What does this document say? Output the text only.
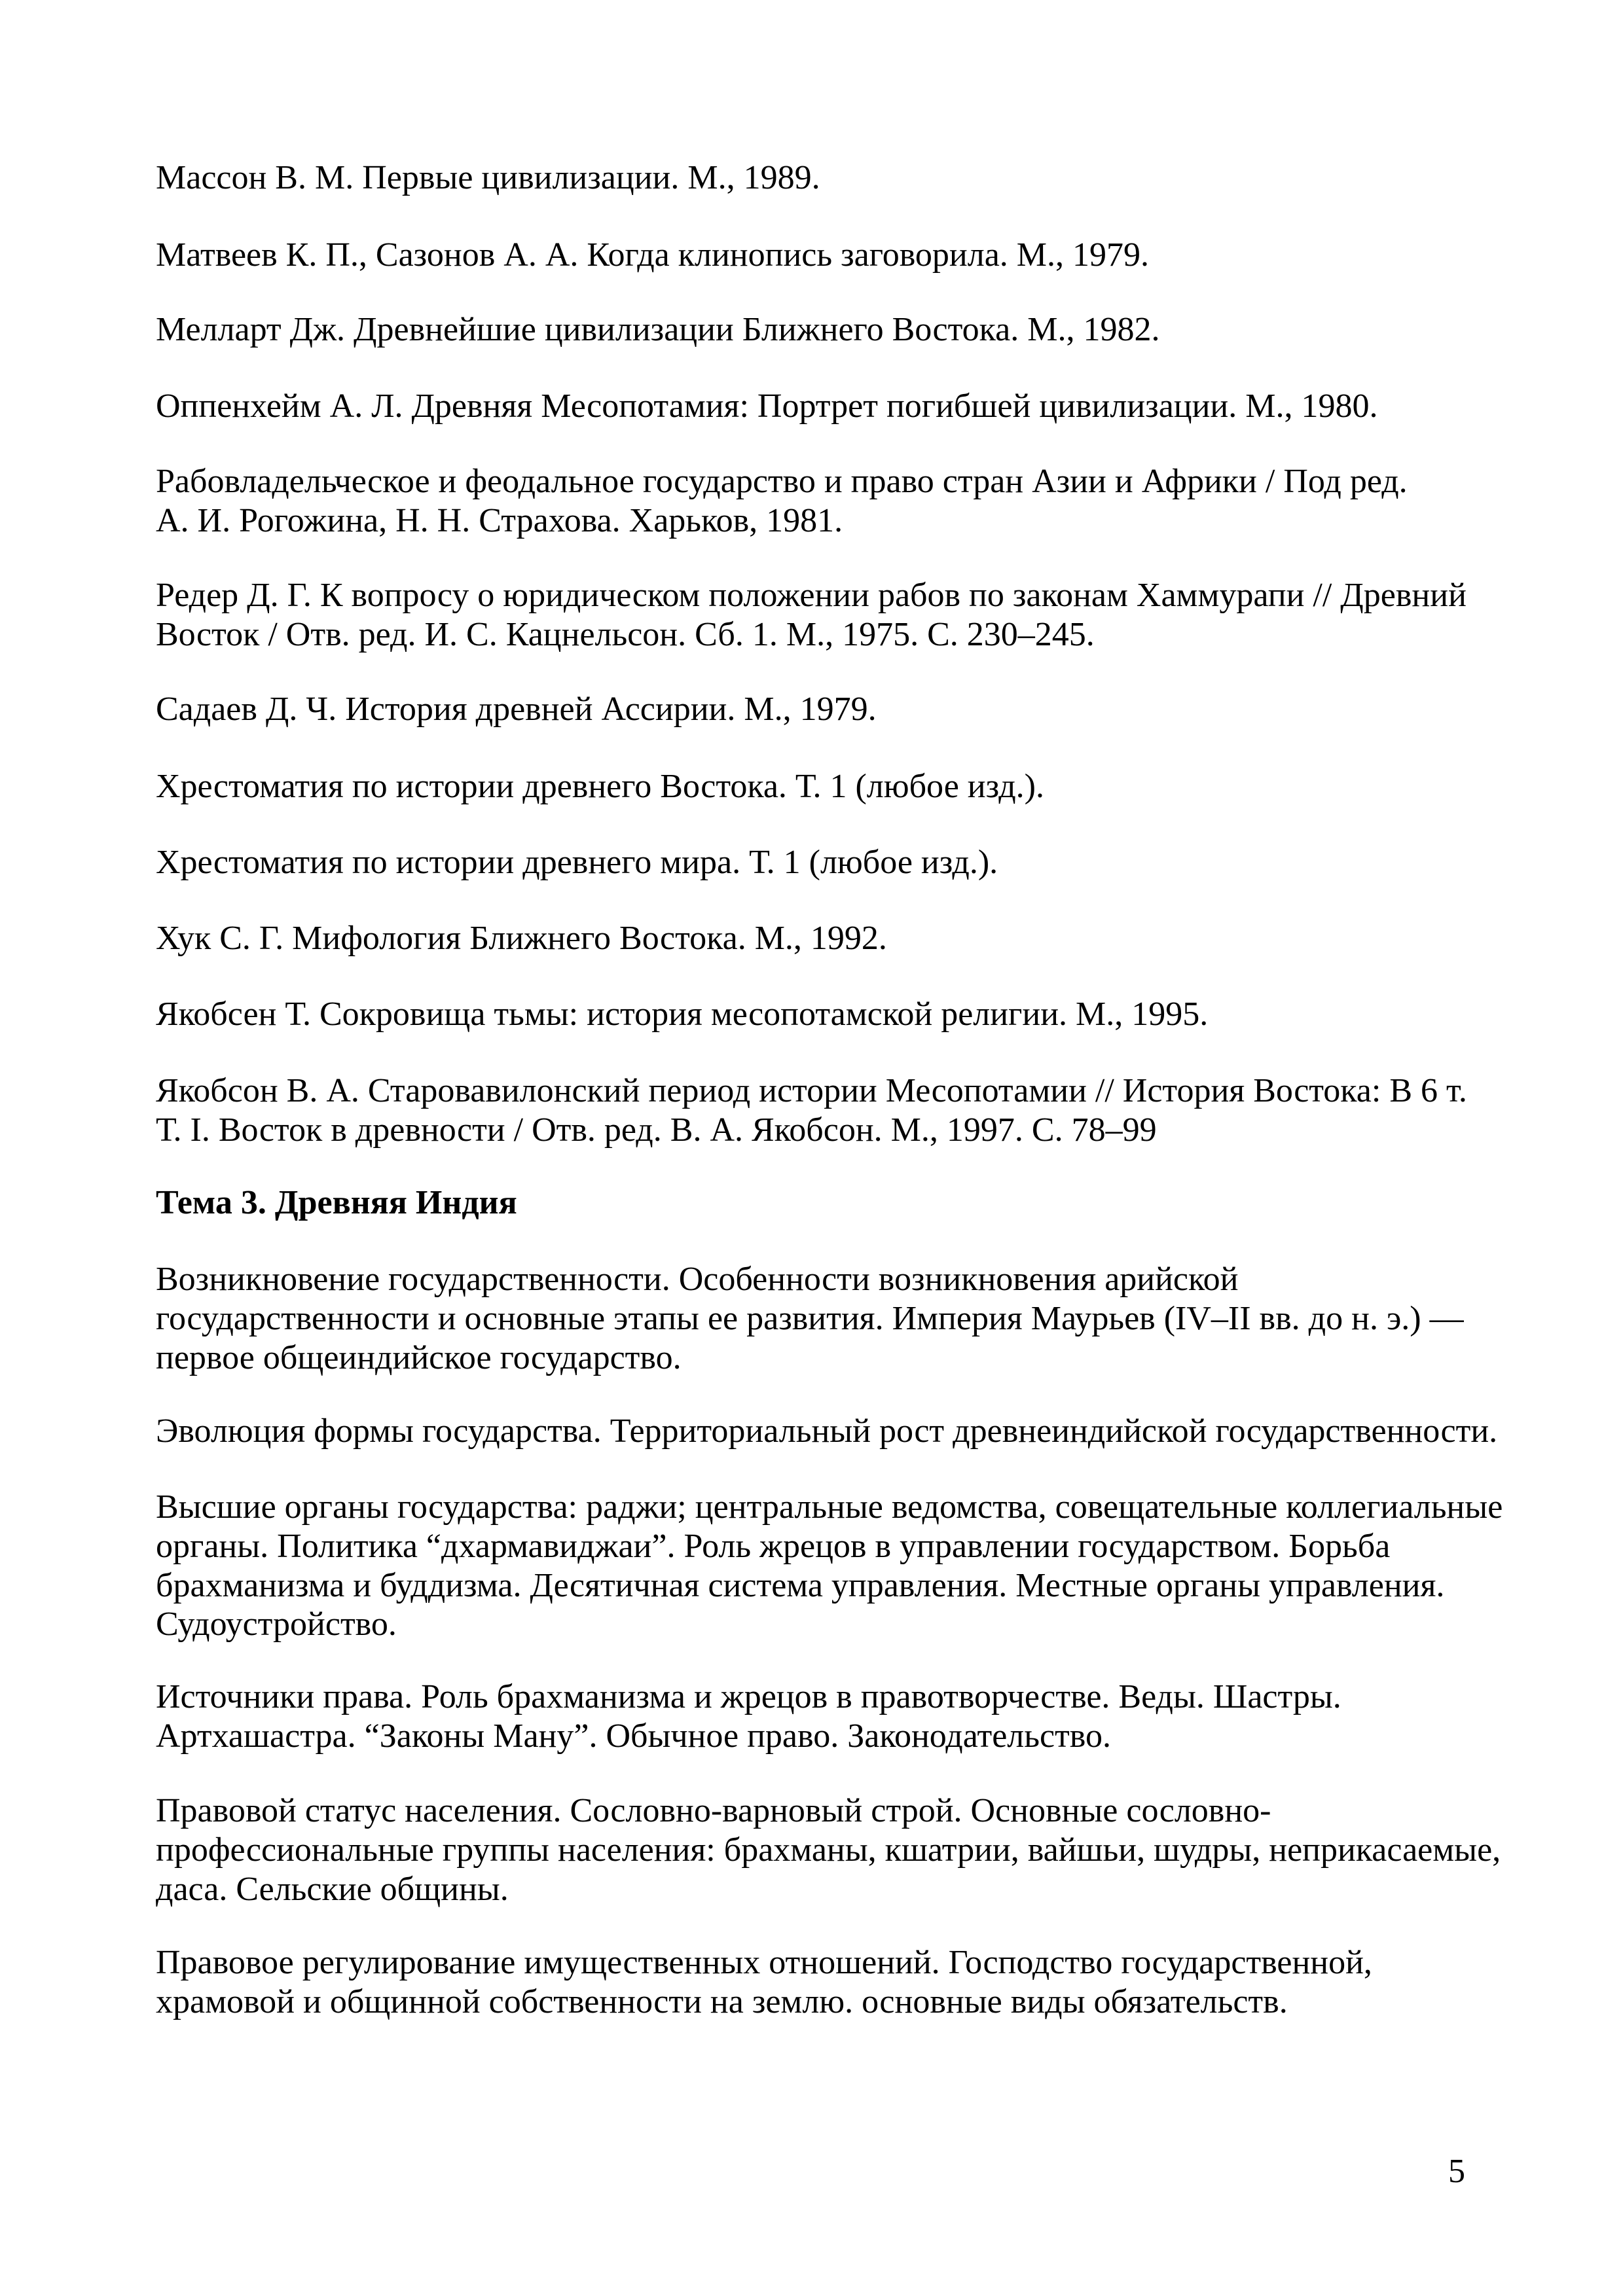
Массон В. М. Первые цивилизации. М., 1989.
Матвеев К. П., Сазонов А. А. Когда клинопись заговорила. М., 1979.
Мелларт Дж. Древнейшие цивилизации Ближнего Востока. М., 1982.
Оппенхейм А. Л. Древняя Месопотамия: Портрет погибшей цивилизации. М., 1980.
Рабовладельческое и феодальное государство и право стран Азии и Африки / Под ред.
А. И. Рогожина, Н. Н. Страхова. Харьков, 1981.
Редер Д. Г. К вопросу о юридическом положении рабов по законам Хаммурапи // Древний
Восток / Отв. ред. И. С. Кацнельсон. Сб. 1. М., 1975. С. 230–245.
Садаев Д. Ч. История древней Ассирии. М., 1979.
Хрестоматия по истории древнего Востока. Т. 1 (любое изд.).
Хрестоматия по истории древнего мира. Т. 1 (любое изд.).
Хук С. Г. Мифология Ближнего Востока. М., 1992.
Якобсен Т. Сокровища тьмы: история месопотамской религии. М., 1995.
Якобсон В. А. Старовавилонский период истории Месопотамии // История Востока: В 6 т.
Т. I. Восток в древности / Отв. ред. В. А. Якобсон. М., 1997. С. 78–99
Тема 3. Древняя Индия
Возникновение государственности. Особенности возникновения арийской
государственности и основные этапы ее развития. Империя Маурьев (IV–II вв. до н. э.) —
первое общеиндийское государство.
Эволюция формы государства. Территориальный рост древнеиндийской государственности.
Высшие органы государства: раджи; центральные ведомства, совещательные коллегиальные
органы. Политика “дхармавиджаи”. Роль жрецов в управлении государством. Борьба
брахманизма и буддизма. Десятичная система управления. Местные органы управления.
Судоустройство.
Источники права. Роль брахманизма и жрецов в правотворчестве. Веды. Шастры.
Артхашастра. “Законы Ману”. Обычное право. Законодательство.
Правовой статус населения. Сословно-варновый строй. Основные сословно-
профессиональные группы населения: брахманы, кшатрии, вайшьи, шудры, неприкасаемые,
даса. Сельские общины.
Правовое регулирование имущественных отношений. Господство государственной,
храмовой и общинной собственности на землю. основные виды обязательств.
5
